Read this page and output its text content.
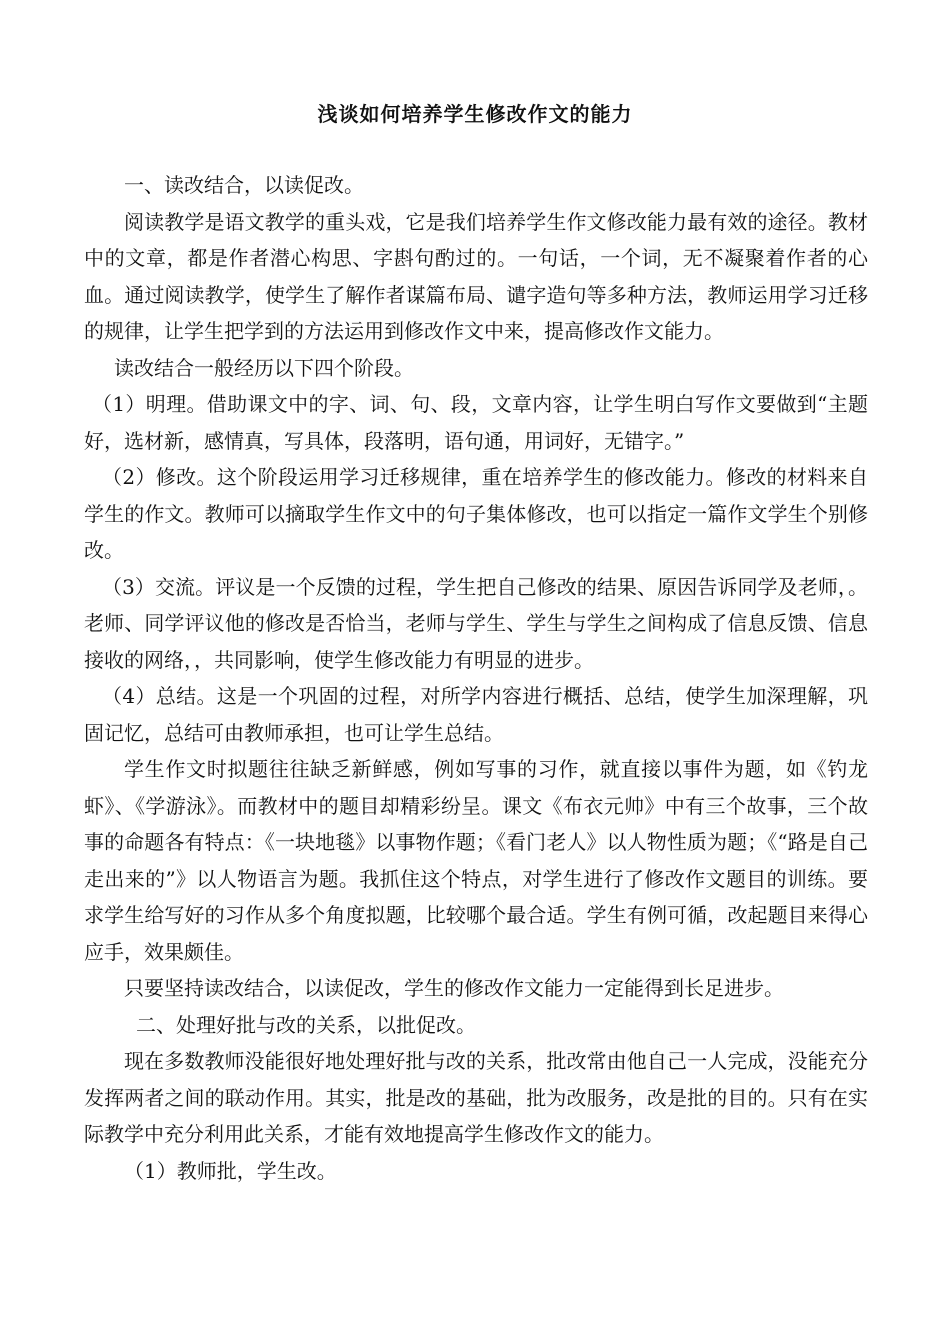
浅谈如何培养学生修改作文的能力

一、读改结合，以读促改。

阅读教学是语文教学的重头戏，它是我们培养学生作文修改能力最有效的途径。教材中的文章，都是作者潜心构思、字斟句酌过的。一句话，一个词，无不凝聚着作者的心血。通过阅读教学，使学生了解作者谋篇布局、谴字造句等多种方法，教师运用学习迁移的规律，让学生把学到的方法运用到修改作文中来，提高修改作文能力。

读改结合一般经历以下四个阶段。

（1）明理。借助课文中的字、词、句、段，文章内容，让学生明白写作文要做到“主题好，选材新，感情真，写具体，段落明，语句通，用词好，无错字。”

（2）修改。这个阶段运用学习迁移规律，重在培养学生的修改能力。修改的材料来自学生的作文。教师可以摘取学生作文中的句子集体修改，也可以指定一篇作文学生个别修改。

（3）交流。评议是一个反馈的过程，学生把自己修改的结果、原因告诉同学及老师，。老师、同学评议他的修改是否恰当，老师与学生、学生与学生之间构成了信息反馈、信息接收的网络，，共同影响，使学生修改能力有明显的进步。

（4）总结。这是一个巩固的过程，对所学内容进行概括、总结，使学生加深理解，巩固记忆，总结可由教师承担，也可让学生总结。

学生作文时拟题往往缺乏新鲜感，例如写事的习作，就直接以事件为题，如《钓龙虾》、《学游泳》。而教材中的题目却精彩纷呈。课文《布衣元帅》中有三个故事，三个故事的命题各有特点：《一块地毯》以事物作题；《看门老人》以人物性质为题；《“路是自己走出来的”》以人物语言为题。我抓住这个特点，对学生进行了修改作文题目的训练。要求学生给写好的习作从多个角度拟题，比较哪个最合适。学生有例可循，改起题目来得心应手，效果颇佳。

只要坚持读改结合，以读促改，学生的修改作文能力一定能得到长足进步。

二、处理好批与改的关系，以批促改。

现在多数教师没能很好地处理好批与改的关系，批改常由他自己一人完成，没能充分发挥两者之间的联动作用。其实，批是改的基础，批为改服务，改是批的目的。只有在实际教学中充分利用此关系，才能有效地提高学生修改作文的能力。

（1）教师批，学生改。
